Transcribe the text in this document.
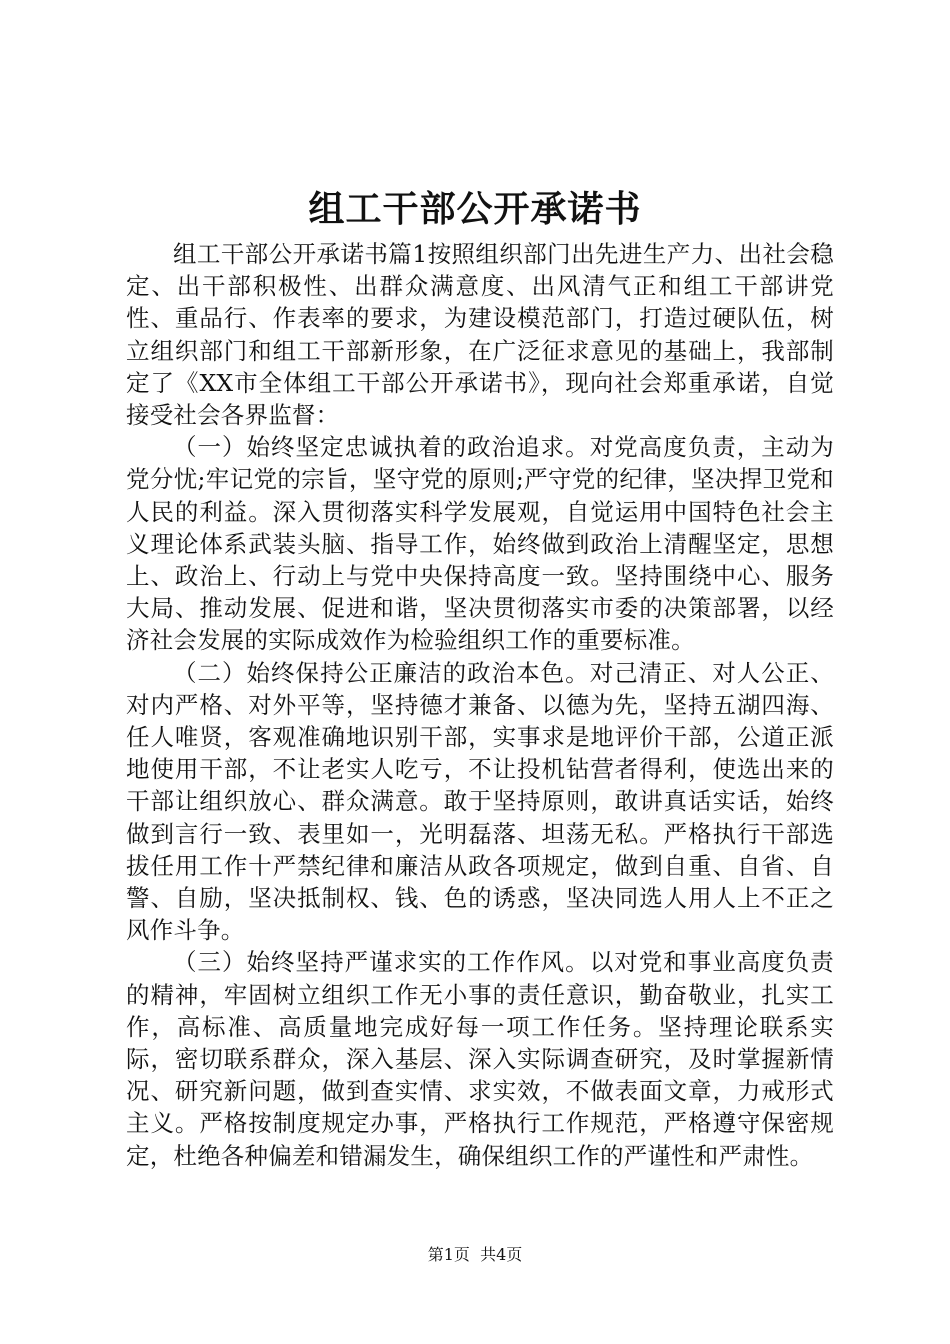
组工干部公开承诺书

组工干部公开承诺书篇1按照组织部门出先进生产力、出社会稳定、出干部积极性、出群众满意度、出风清气正和组工干部讲党性、重品行、作表率的要求，为建设模范部门，打造过硬队伍，树立组织部门和组工干部新形象，在广泛征求意见的基础上，我部制定了《XX市全体组工干部公开承诺书》，现向社会郑重承诺，自觉接受社会各界监督：

（一）始终坚定忠诚执着的政治追求。对党高度负责，主动为党分忧;牢记党的宗旨，坚守党的原则;严守党的纪律，坚决捍卫党和人民的利益。深入贯彻落实科学发展观，自觉运用中国特色社会主义理论体系武装头脑、指导工作，始终做到政治上清醒坚定，思想上、政治上、行动上与党中央保持高度一致。坚持围绕中心、服务大局、推动发展、促进和谐，坚决贯彻落实市委的决策部署，以经济社会发展的实际成效作为检验组织工作的重要标准。

（二）始终保持公正廉洁的政治本色。对己清正、对人公正、对内严格、对外平等，坚持德才兼备、以德为先，坚持五湖四海、任人唯贤，客观准确地识别干部，实事求是地评价干部，公道正派地使用干部，不让老实人吃亏，不让投机钻营者得利，使选出来的干部让组织放心、群众满意。敢于坚持原则，敢讲真话实话，始终做到言行一致、表里如一，光明磊落、坦荡无私。严格执行干部选拔任用工作十严禁纪律和廉洁从政各项规定，做到自重、自省、自警、自励，坚决抵制权、钱、色的诱惑，坚决同选人用人上不正之风作斗争。

（三）始终坚持严谨求实的工作作风。以对党和事业高度负责的精神，牢固树立组织工作无小事的责任意识，勤奋敬业，扎实工作，高标准、高质量地完成好每一项工作任务。坚持理论联系实际，密切联系群众，深入基层、深入实际调查研究，及时掌握新情况、研究新问题，做到查实情、求实效，不做表面文章，力戒形式主义。严格按制度规定办事，严格执行工作规范，严格遵守保密规定，杜绝各种偏差和错漏发生，确保组织工作的严谨性和严肃性。

第1页  共4页
